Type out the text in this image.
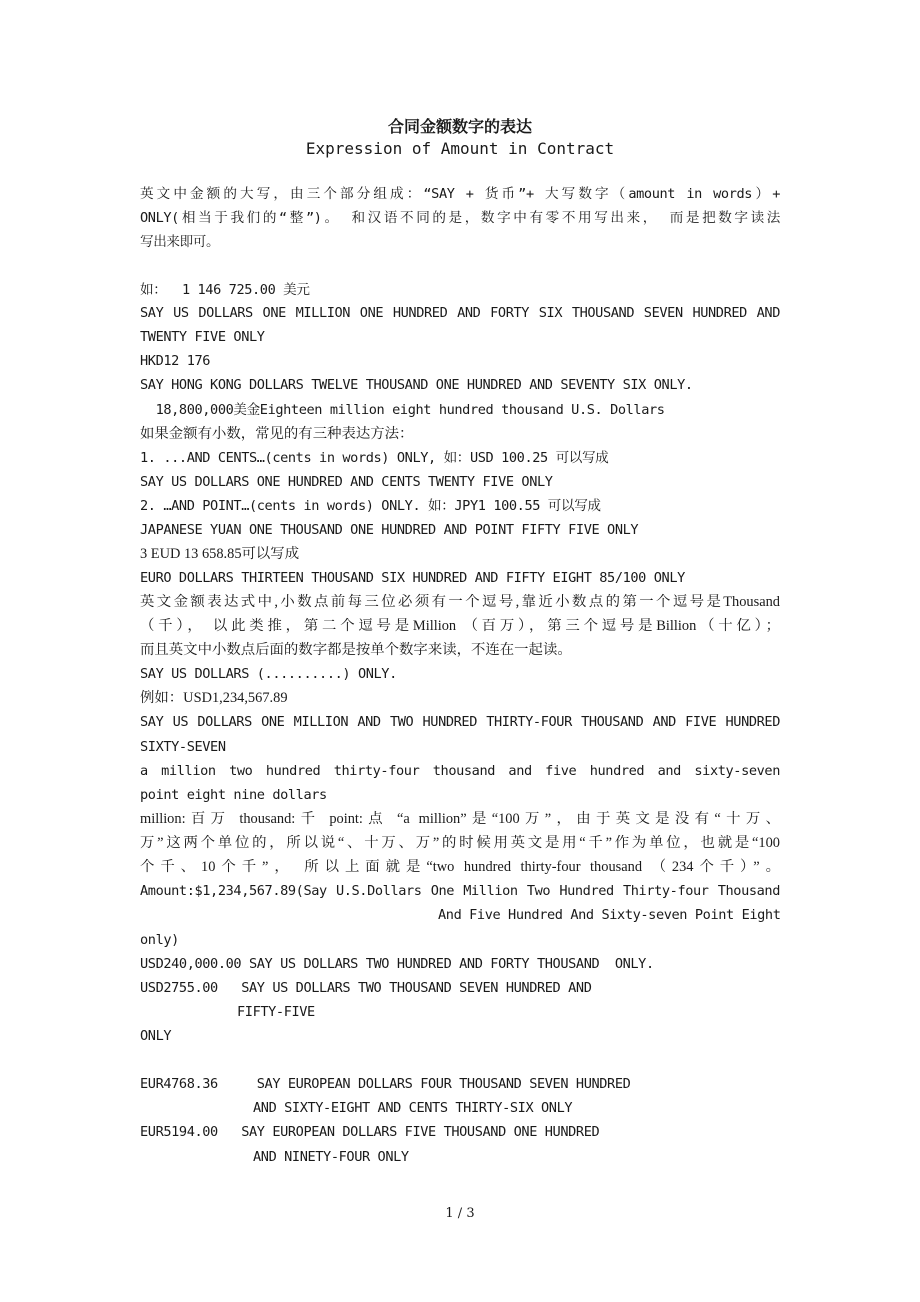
合同金额数字的表达
Expression of Amount in Contract
英文中金额的大写，由三个部分组成：“SAY + 货币”+ 大写数字（amount in words）+
ONLY(相当于我们的“整”)。 和汉语不同的是，数字中有零不用写出来， 而是把数字读法
写出来即可。
如：  1 146 725.00 美元
SAY US DOLLARS ONE MILLION ONE HUNDRED AND FORTY SIX THOUSAND SEVEN HUNDRED AND
TWENTY FIVE ONLY
HKD12 176
SAY HONG KONG DOLLARS TWELVE THOUSAND ONE HUNDRED AND SEVENTY SIX ONLY.
18,800,000美金Eighteen million eight hundred thousand U.S. Dollars
如果金额有小数，常见的有三种表达方法：
1. ...AND CENTS…(cents in words) ONLY, 如：USD 100.25 可以写成
SAY US DOLLARS ONE HUNDRED AND CENTS TWENTY FIVE ONLY
2. …AND POINT…(cents in words) ONLY. 如：JPY1 100.55 可以写成
JAPANESE YUAN ONE THOUSAND ONE HUNDRED AND POINT FIFTY FIVE ONLY
3 EUD 13 658.85可以写成
EURO DOLLARS THIRTEEN THOUSAND SIX HUNDRED AND FIFTY EIGHT 85/100 ONLY
英文金额表达式中,小数点前每三位必须有一个逗号,靠近小数点的第一个逗号是Thousand
（千）， 以此类推，第二个逗号是Million （百万），第三个逗号是Billion（十亿）；
而且英文中小数点后面的数字都是按单个数字来读，不连在一起读。
SAY US DOLLARS (..........) ONLY.
例如：USD1,234,567.89
SAY US DOLLARS ONE MILLION AND TWO HUNDRED THIRTY-FOUR THOUSAND AND FIVE HUNDRED
SIXTY-SEVEN
a million two hundred thirty-four thousand and five hundred and sixty-seven
point eight nine dollars
million:百万 thousand:千 point:点 “a million”是“100万”，由于英文是没有“十万、
万”这两个单位的，所以说“、十万、万”的时候用英文是用“千”作为单位，也就是“100
个千、10个千”， 所以上面就是“two hundred thirty-four thousand （234个千）”。
Amount:$1,234,567.89(Say U.S.Dollars One Million Two Hundred Thirty-four Thousand
And Five Hundred And Sixty-seven Point Eight
only)
USD240,000.00 SAY US DOLLARS TWO HUNDRED AND FORTY THOUSAND  ONLY.
USD2755.00   SAY US DOLLARS TWO THOUSAND SEVEN HUNDRED AND
FIFTY-FIVE
ONLY
EUR4768.36     SAY EUROPEAN DOLLARS FOUR THOUSAND SEVEN HUNDRED
AND SIXTY-EIGHT AND CENTS THIRTY-SIX ONLY
EUR5194.00   SAY EUROPEAN DOLLARS FIVE THOUSAND ONE HUNDRED
AND NINETY-FOUR ONLY
1 / 3
